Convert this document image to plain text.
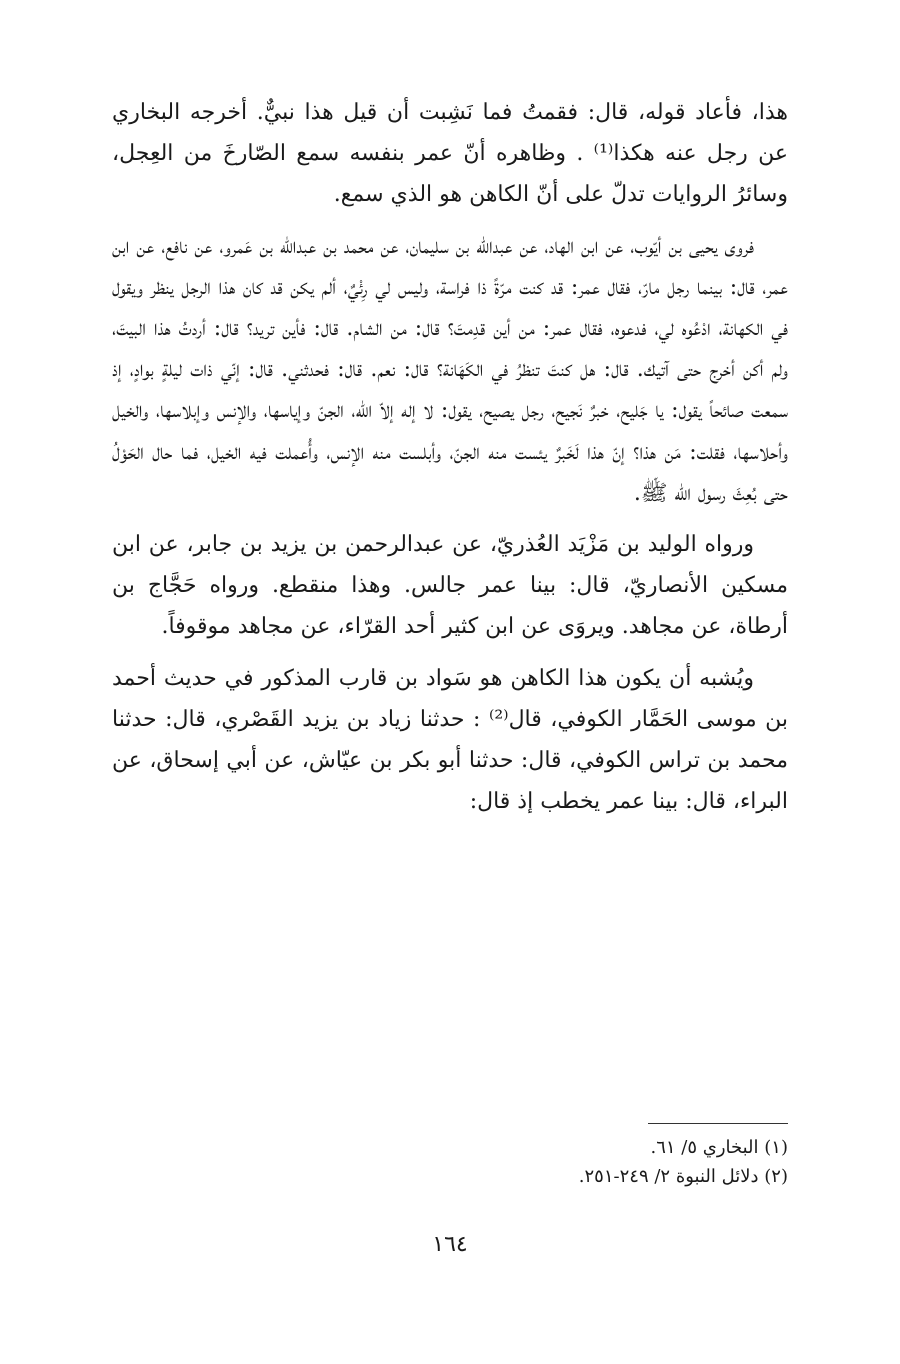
هذا، فأعاد قوله، قال: فقمتُ فما نَشِبت أن قيل هذا نبيٌّ. أخرجه البخاري عن رجل عنه هكذا⁽¹⁾ . وظاهره أنّ عمر بنفسه سمع الصّارخَ من العِجل، وسائرُ الروايات تدلّ على أنّ الكاهن هو الذي سمع.

فروى يحيى بن أيّوب، عن ابن الهاد، عن عبدالله بن سليمان، عن محمد بن عبدالله بن عَمرو، عن نافع، عن ابن عمر، قال: بينما رجل مارّ، فقال عمر: قد كنت مرّةً ذا فراسة، وليس لي رِئْيٌ، ألم يكن قد كان هذا الرجل ينظر ويقول في الكهانة، ادْعُوه لي، فدعوه، فقال عمر: من أين قدِمتَ؟ قال: من الشام. قال: فأين تريد؟ قال: أردتُ هذا البيتَ، ولم أكن أخرج حتى آتيك. قال: هل كنتَ تنظرُ في الكَهَانة؟ قال: نعم. قال: فحدثني. قال: إنّي ذات ليلةٍ بوادٍ، إذ سمعت صائحاً يقول: يا جَليح، خبرٌ نَجيح، رجل يصيح، يقول: لا إله إلاّ الله، الجنّ وإياسها، والإنس وإبلاسها، والخيل وأحلاسها، فقلت: مَن هذا؟ إنّ هذا لَخَبرٌ يئست منه الجنّ، وأبلست منه الإنس، وأُعملت فيه الخيل، فما حال الحَوْلُ حتى بُعِثَ رسول الله ﷺ.

ورواه الوليد بن مَزْيَد العُذريّ، عن عبدالرحمن بن يزيد بن جابر، عن ابن مسكين الأنصاريّ، قال: بينا عمر جالس. وهذا منقطع. ورواه حَجَّاج بن أرطاة، عن مجاهد. ويروَى عن ابن كثير أحد القرّاء، عن مجاهد موقوفاً.

ويُشبه أن يكون هذا الكاهن هو سَواد بن قارب المذكور في حديث أحمد بن موسى الحَمَّار الكوفي، قال⁽²⁾ : حدثنا زياد بن يزيد القَصْري، قال: حدثنا محمد بن تراس الكوفي، قال: حدثنا أبو بكر بن عيّاش، عن أبي إسحاق، عن البراء، قال: بينا عمر يخطب إذ قال:

(١) البخاري ٥/ ٦١.

(٢) دلائل النبوة ٢/ ٢٤٩-٢٥١.

١٦٤
